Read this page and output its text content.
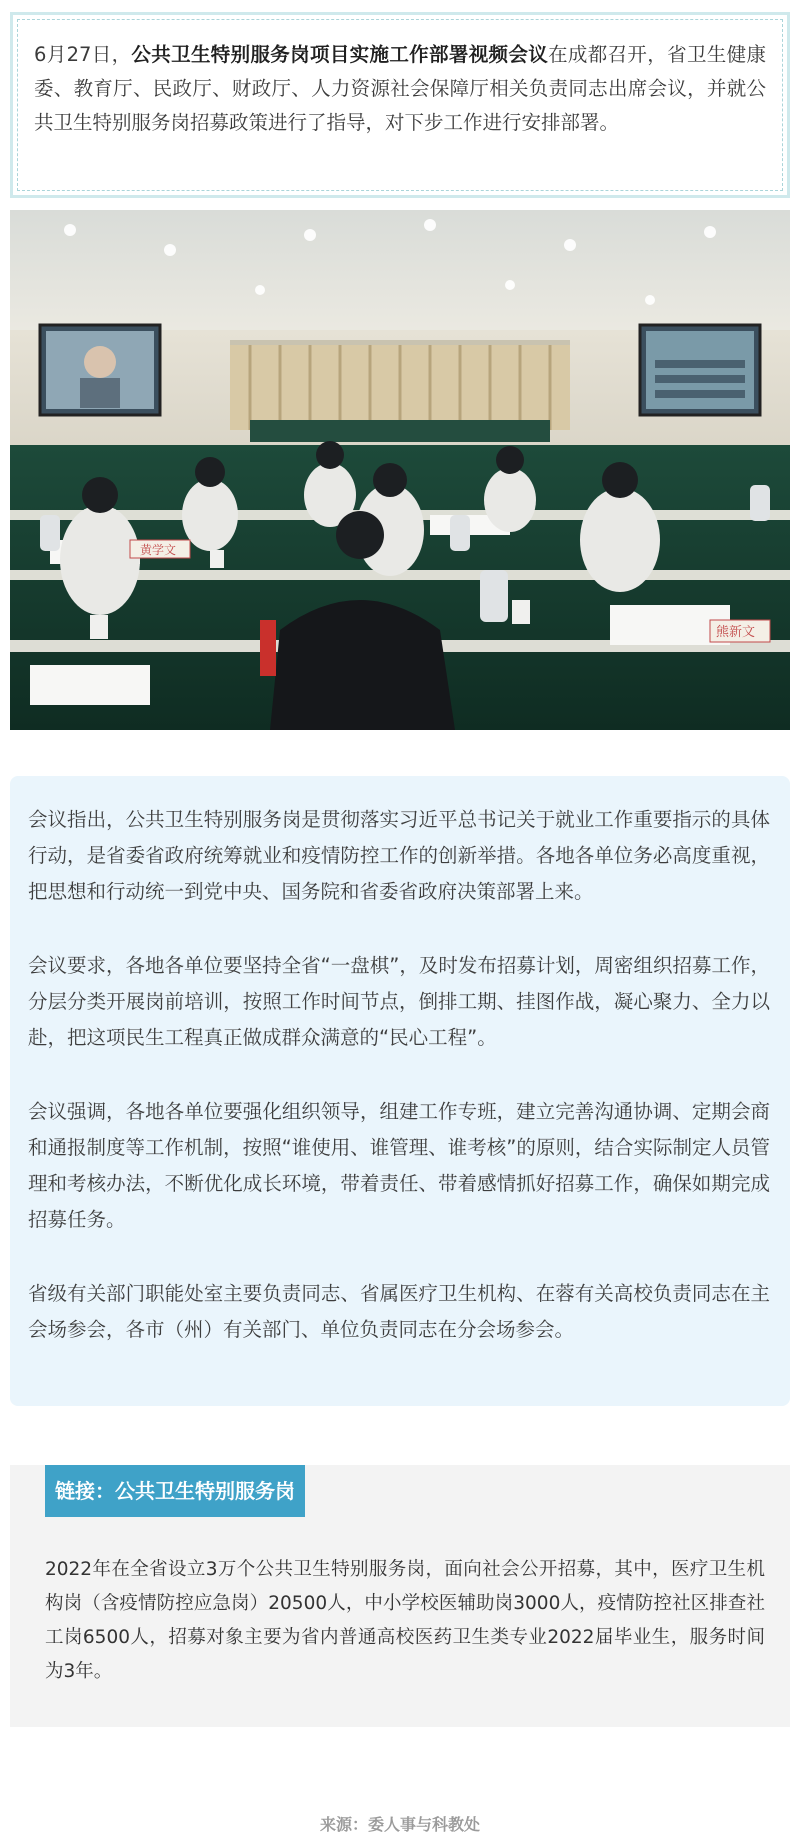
6月27日，公共卫生特别服务岗项目实施工作部署视频会议在成都召开，省卫生健康委、教育厅、民政厅、财政厅、人力资源社会保障厅相关负责同志出席会议，并就公共卫生特别服务岗招募政策进行了指导，对下步工作进行安排部署。
黄学文
熊新文

会议指出，公共卫生特别服务岗是贯彻落实习近平总书记关于就业工作重要指示的具体行动，是省委省政府统筹就业和疫情防控工作的创新举措。各地各单位务必高度重视，把思想和行动统一到党中央、国务院和省委省政府决策部署上来。

会议要求，各地各单位要坚持全省“一盘棋”，及时发布招募计划，周密组织招募工作，分层分类开展岗前培训，按照工作时间节点，倒排工期、挂图作战，凝心聚力、全力以赴，把这项民生工程真正做成群众满意的“民心工程”。

会议强调，各地各单位要强化组织领导，组建工作专班，建立完善沟通协调、定期会商和通报制度等工作机制，按照“谁使用、谁管理、谁考核”的原则，结合实际制定人员管理和考核办法，不断优化成长环境，带着责任、带着感情抓好招募工作，确保如期完成招募任务。

省级有关部门职能处室主要负责同志、省属医疗卫生机构、在蓉有关高校负责同志在主会场参会，各市（州）有关部门、单位负责同志在分会场参会。

链接：公共卫生特别服务岗
2022年在全省设立3万个公共卫生特别服务岗，面向社会公开招募，其中，医疗卫生机构岗（含疫情防控应急岗）20500人，中小学校医辅助岗3000人，疫情防控社区排查社工岗6500人，招募对象主要为省内普通高校医药卫生类专业2022届毕业生，服务时间为3年。
来源：委人事与科教处
